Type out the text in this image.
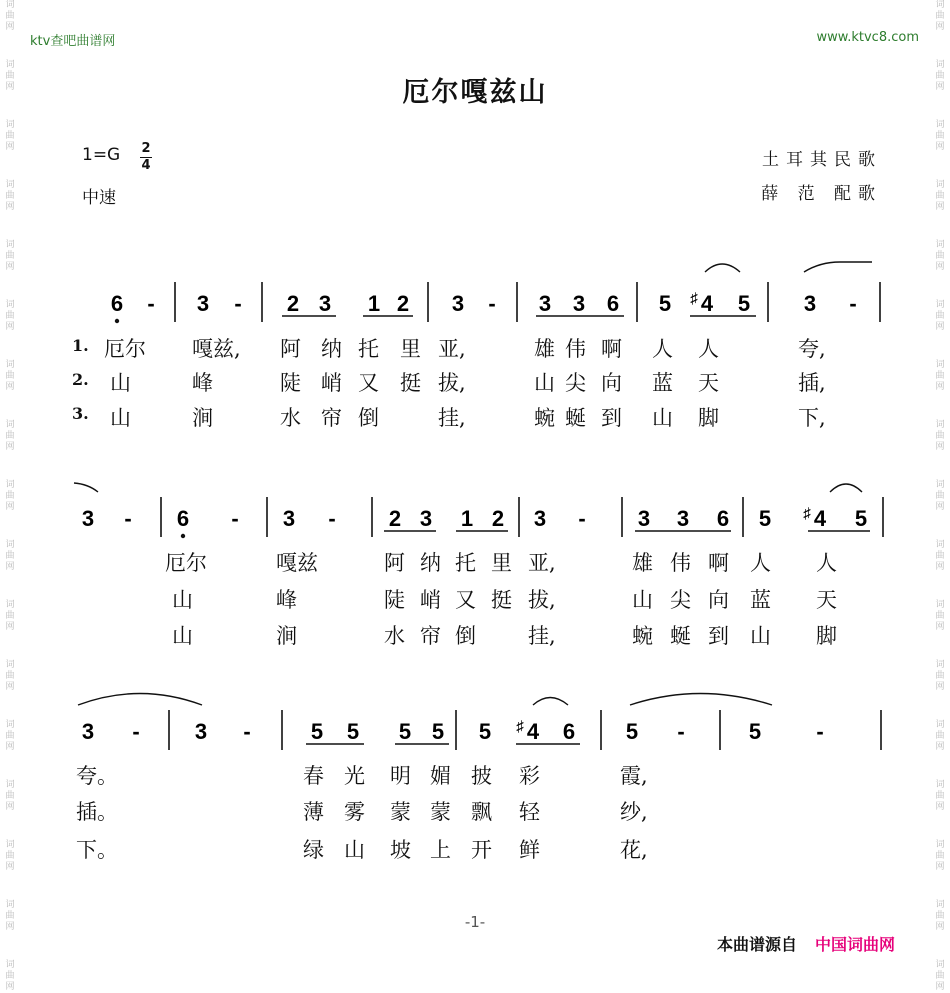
词
曲
网
词
曲
网
词
曲
网
词
曲
网
词
曲
网
词
曲
网
词
曲
网
词
曲
网
词
曲
网
词
曲
网
词
曲
网
词
曲
网
词
曲
网
词
曲
网
词
曲
网
词
曲
网
词
曲
网
词
曲
网
词
曲
网
词
曲
网
词
曲
网
词
曲
网
词
曲
网
词
曲
网
词
曲
网
词
曲
网
词
曲
网
词
曲
网
词
曲
网
词
曲
网
词
曲
网
词
曲
网
词
曲
网
词
曲
网
ktv查吧曲谱网	www.ktvc8.com
厄尔嘎兹山
1=G 2
4
中速
土耳其民歌
薛 范 配歌
6 - 3 - 2 3 1 2 3 - 3 3 6 5 4
♯ 5 3 -
3 - 6 - 3 - 2 3 1 2 3 - 3 3 6 5 4
♯ 5
3 -	3 -	5 5 5 5 5 4
♯ 6 5 -	5	-
1.
2.
3.
厄尔 嘎兹, 阿 纳 托 里 亚,	雄 伟 啊 人 人	夸,
山	峰	陡 峭 又 挺 拔,	山 尖 向 蓝 天	插,
山	涧	水 帘 倒	挂,	蜿 蜒 到 山 脚	下,
厄尔	嘎兹	阿 纳 托 里 亚,	雄 伟 啊 人 人
山	峰	陡 峭 又 挺 拔,	山 尖 向 蓝 天
山	涧	水 帘 倒 挂,	蜿 蜒 到 山 脚
夸。	春 光 明 媚 披 彩	霞,
插。	薄 雾 蒙 蒙 飘 轻	纱,
下。	绿 山 坡 上 开 鲜	花,
-1-
本曲谱源自 中国词曲网
